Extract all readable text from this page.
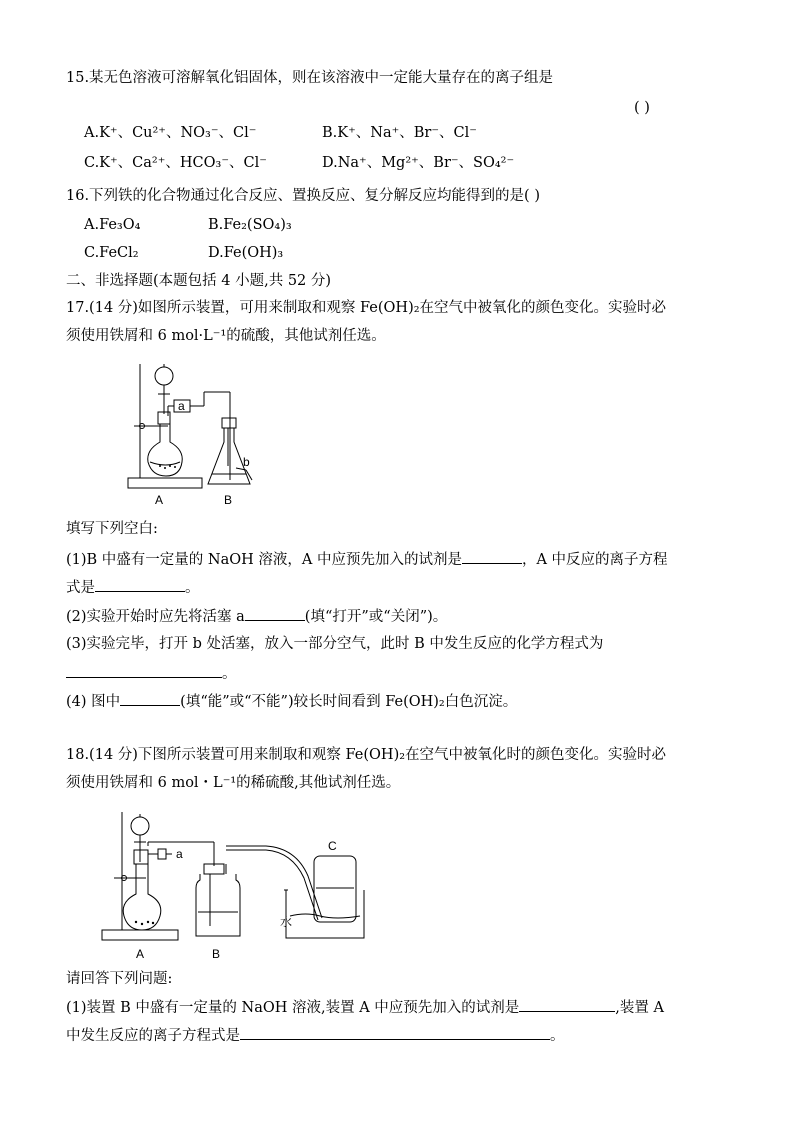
15.某无色溶液可溶解氧化铝固体，则在该溶液中一定能大量存在的离子组是
( )
A.K⁺、Cu²⁺、NO₃⁻、Cl⁻	B.K⁺、Na⁺、Br⁻、Cl⁻
C.K⁺、Ca²⁺、HCO₃⁻、Cl⁻	D.Na⁺、Mg²⁺、Br⁻、SO₄²⁻
16.下列铁的化合物通过化合反应、置换反应、复分解反应均能得到的是( )
A.Fe₃O₄	B.Fe₂(SO₄)₃
C.FeCl₂	D.Fe(OH)₃
二、非选择题(本题包括 4 小题,共 52 分)
17.(14 分)如图所示装置，可用来制取和观察 Fe(OH)₂在空气中被氧化的颜色变化。实验时必
须使用铁屑和 6 mol·L⁻¹的硫酸，其他试剂任选。
a
b
A	B
填写下列空白:
(1)B 中盛有一定量的 NaOH 溶液，A 中应预先加入的试剂是	，A 中反应的离子方程
式是	。
(2)实验开始时应先将活塞 a	(填“打开”或“关闭”)。
(3)实验完毕，打开 b 处活塞，放入一部分空气，此时 B 中发生反应的化学方程式为
。
(4) 图中	(填“能”或“不能”)较长时间看到 Fe(OH)₂白色沉淀。
18.(14 分)下图所示装置可用来制取和观察 Fe(OH)₂在空气中被氧化时的颜色变化。实验时必
须使用铁屑和 6 mol・L⁻¹的稀硫酸,其他试剂任选。
a
C
水
A	B
请回答下列问题:
(1)装置 B 中盛有一定量的 NaOH 溶液,装置 A 中应预先加入的试剂是	,装置 A
中发生反应的离子方程式是	。
